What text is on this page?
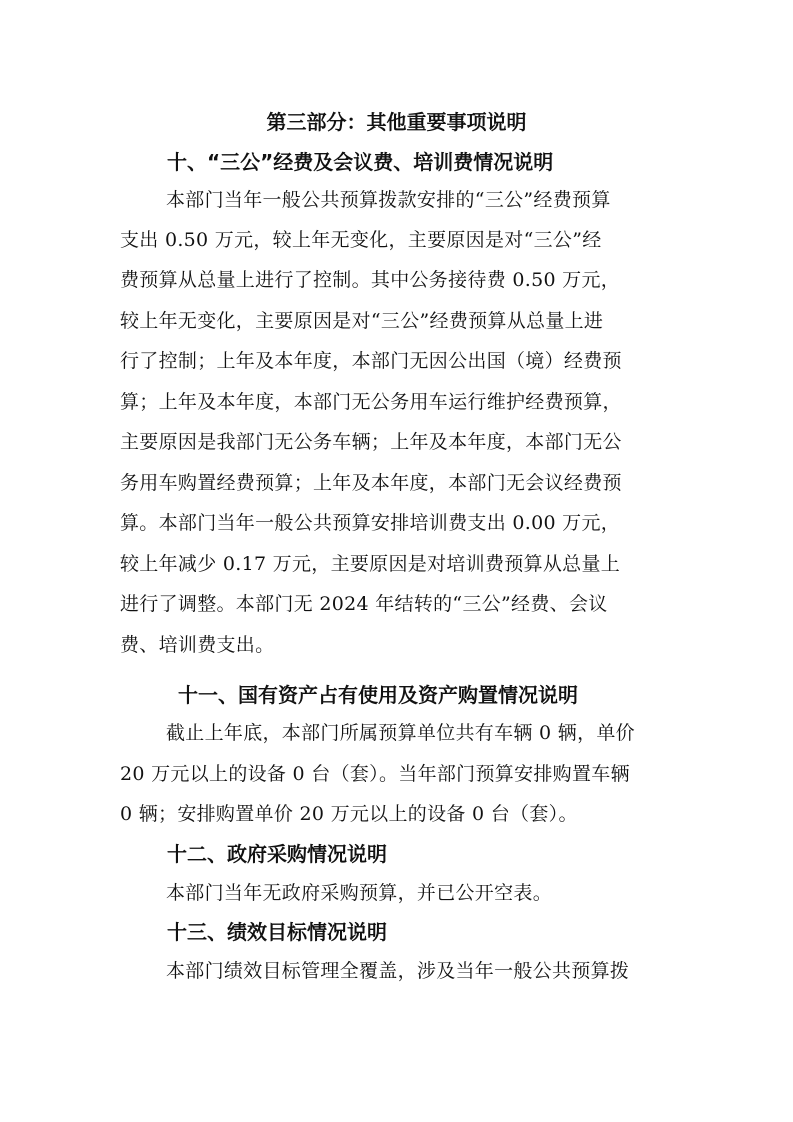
第三部分：其他重要事项说明
十、“三公”经费及会议费、培训费情况说明
本部门当年一般公共预算拨款安排的“三公”经费预算
支出 0.50 万元，较上年无变化，主要原因是对“三公”经
费预算从总量上进行了控制。其中公务接待费 0.50 万元，
较上年无变化，主要原因是对“三公”经费预算从总量上进
行了控制；上年及本年度，本部门无因公出国（境）经费预
算；上年及本年度，本部门无公务用车运行维护经费预算，
主要原因是我部门无公务车辆；上年及本年度，本部门无公
务用车购置经费预算；上年及本年度，本部门无会议经费预
算。本部门当年一般公共预算安排培训费支出 0.00 万元，
较上年减少 0.17 万元，主要原因是对培训费预算从总量上
进行了调整。本部门无 2024 年结转的“三公”经费、会议
费、培训费支出。
十一、国有资产占有使用及资产购置情况说明
截止上年底，本部门所属预算单位共有车辆 0 辆，单价
20 万元以上的设备 0 台（套）。当年部门预算安排购置车辆
0 辆；安排购置单价 20 万元以上的设备 0 台（套）。
十二、政府采购情况说明
本部门当年无政府采购预算，并已公开空表。
十三、绩效目标情况说明
本部门绩效目标管理全覆盖，涉及当年一般公共预算拨
